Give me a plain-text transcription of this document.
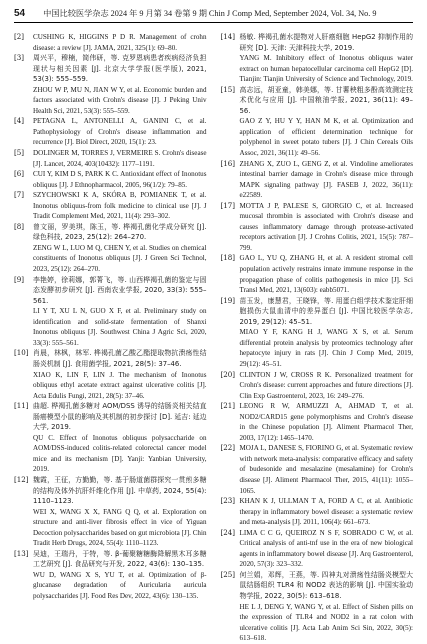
54 中国比较医学杂志 2024 年 9 月第 34 卷第 9 期 Chin J Comp Med, September 2024, Vol. 34, No. 9
[2]	CUSHING K, HIGGINS P D R. Management of crohn disease: a review [J]. JAMA, 2021, 325(1): 69–80.
[3]	周兴平，穆楠，简伟研，等. 克罗恩病患者疾病经济负担现状与相关因素 [J]. 北京大学学报(医学版), 2021, 53(3): 555–559.
ZHOU W P, MU N, JIAN W Y, et al. Economic burden and factors associated with Crohn's disease [J]. J Peking Univ Health Sci, 2021, 53(3): 555–559.
[4]	PETAGNA L, ANTONELLI A, GANINI C, et al. Pathophysiology of Crohn's disease inflammation and recurrence [J]. Biol Direct, 2020, 15(1): 23.
[5]	DOLINGER M, TORRES J, VERMEIRE S. Crohn's disease [J]. Lancet, 2024, 403(10432): 1177–1191.
[6]	CUI Y, KIM D S, PARK K C. Antioxidant effect of Inonotus obliquus [J]. J Ethnopharmacol, 2005, 96(1/2): 79–85.
[7]	SZYCHOWSKI K A, SKÓRA B, POMIANEK T, et al. Inonotus obliquus-from folk medicine to clinical use [J]. J Tradit Complement Med, 2021, 11(4): 293–302.
[8]	曾文丽，罗美琪，陈玉，等. 桦褐孔菌化学成分研究 [J]. 绿色科技, 2023, 25(12): 264–270.
ZENG W L, LUO M Q, CHEN Y, et al. Studies on chemical constituents of Inonotus obliquus [J]. J Green Sci Technol, 2023, 25(12): 264–270.
[9]	李艳婷，徐莉娜，郭菁飞，等. 山西桦褐孔菌的鉴定与固态发酵初步研究 [J]. 西南农业学报, 2020, 33(3): 555–561.
LI Y T, XU L N, GUO X F, et al. Preliminary study on identification and solid-state fermentation of Shanxi Inonotus obliquus [J]. Southwest China J Agric Sci, 2020, 33(3): 555–561.
[10] 肖晨，林枫，林军. 桦褐孔菌乙酸乙酯提取物抗溃疡性结肠炎机制 [J]. 食用菌学报, 2021, 28(5): 37–46.
XIAO K, LIN F, LIN J. The mechanism of Inonotus obliquus ethyl acetate extract against ulcerative colitis [J]. Acta Edulis Fungi, 2021, 28(5): 37–46.
[11] 曲超. 桦褐孔菌多糖对 AOM/DSS 诱导的结肠炎相关结直肠癌模型小鼠的影响及其机制的初步探讨 [D]. 延吉: 延边大学, 2019.
QU C. Effect of Inonotus obliquus polysaccharide on AOM/DSS-induced colitis-related colorectal cancer model mice and its mechanism [D]. Yanji: Yanbian University, 2019.
[12] 魏霞，王征，方勤勤，等. 基于肠道菌群探究一贯煎多糖的结构及体外抗肝纤维化作用 [J]. 中草药, 2024, 55(4): 1110–1123.
WEI X, WANG X X, FANG Q Q, et al. Exploration on structure and anti-liver fibrosis effect in vice of Yiguan Decoction polysaccharides based on gut microbiota [J]. Chin Tradit Herb Drugs, 2024, 55(4): 1110–1123.
[13] 吴迪，王瑞丹，于特，等. β-葡聚糖糖酶降解黑木耳多糖工艺研究 [J]. 食品研究与开发, 2022, 43(6): 130–135.
WU D, WANG X S, YU T, et al. Optimization of β-glucanase degradation of Auricularia auricula polysaccharides [J]. Food Res Dev, 2022, 43(6): 130–135.
[14] 杨敏. 桦褐孔菌水提物对人肝癌细胞 HepG2 抑制作用的研究 [D]. 天津: 天津科技大学, 2019.
YANG M. Inhibitory effect of Inonotus obliquus water extract on human hepatocellular carcinoma cell HepG2 [D]. Tianjin: Tianjin University of Science and Technology, 2019.
[15] 高志远，胡亚童，韩美娜，等. 甘薯秧粗多酚高效测定技术优化与应用 [J]. 中国粮油学报, 2021, 36(11): 49–56.
GAO Z Y, HU Y Y, HAN M K, et al. Optimization and application of efficient determination technique for polyphenol in sweet potato tubers [J]. J Chin Cereals Oils Assoc, 2021, 36(11): 49–56.
[16] ZHANG X, ZUO L, GENG Z, et al. Vindoline ameliorates intestinal barrier damage in Crohn's disease mice through MAPK signaling pathway [J]. FASEB J, 2022, 36(11): e22589.
[17] MOTTA J P, PALESE S, GIORGIO C, et al. Increased mucosal thrombin is associated with Crohn's disease and causes inflammatory damage through protease-activated receptors activation [J]. J Crohns Colitis, 2021, 15(5): 787–799.
[18] GAO L, YU Q, ZHANG H, et al. A resident stromal cell population actively restrains innate immune response in the propagation phase of colitis pathogenesis in mice [J]. Sci Transl Med, 2021, 13(603): eabb5071.
[19] 苗玉发，康慧君，王晓锋，等. 用蛋白组学技术鉴定肝细胞损伤大鼠血清中的差异蛋白 [J]. 中国比较医学杂志, 2019, 29(12): 45–51.
MIAO Y F, KANG H J, WANG X S, et al. Serum differential protein analysis by proteomics technology after hepatocyte injury in rats [J]. Chin J Comp Med, 2019, 29(12): 45–51.
[20] CLINTON J W, CROSS R K. Personalized treatment for Crohn's disease: current approaches and future directions [J]. Clin Exp Gastroenterol, 2023, 16: 249–276.
[21] LEONG R W, ARMUZZI A, AHMAD T, et al. NOD2/CARD15 gene polymorphisms and Crohn's disease in the Chinese population [J]. Aliment Pharmacol Ther, 2003, 17(12): 1465–1470.
[22] MOJA L, DANESE S, FIORINO G, et al. Systematic review with network meta-analysis: comparative efficacy and safety of budesonide and mesalazine (mesalamine) for Crohn's disease [J]. Aliment Pharmacol Ther, 2015, 41(11): 1055–1065.
[23] KHAN K J, ULLMAN T A, FORD A C, et al. Antibiotic therapy in inflammatory bowel disease: a systematic review and meta-analysis [J]. 2011, 106(4): 661–673.
[24] LIMA C C G, QUEIROZ N S F, SOBRADO C W, et al. Critical analysis of anti-tnf use in the era of new biological agents in inflammatory bowel disease [J]. Arq Gastroenterol, 2020, 57(3): 323–332.
[25] 何兰娟，邓辉，王燕，等. 四神丸对溃疡性结肠炎模型大鼠结肠组织 TLR4 和 NOD2 表达的影响 [J]. 中国实验动物学报, 2022, 30(5): 613–618.
HE L J, DENG Y, WANG Y, et al. Effect of Sishen pills on the expression of TLR4 and NOD2 in a rat colon with ulcerative colitis [J]. Acta Lab Anim Sci Sin, 2022, 30(5): 613–618.
